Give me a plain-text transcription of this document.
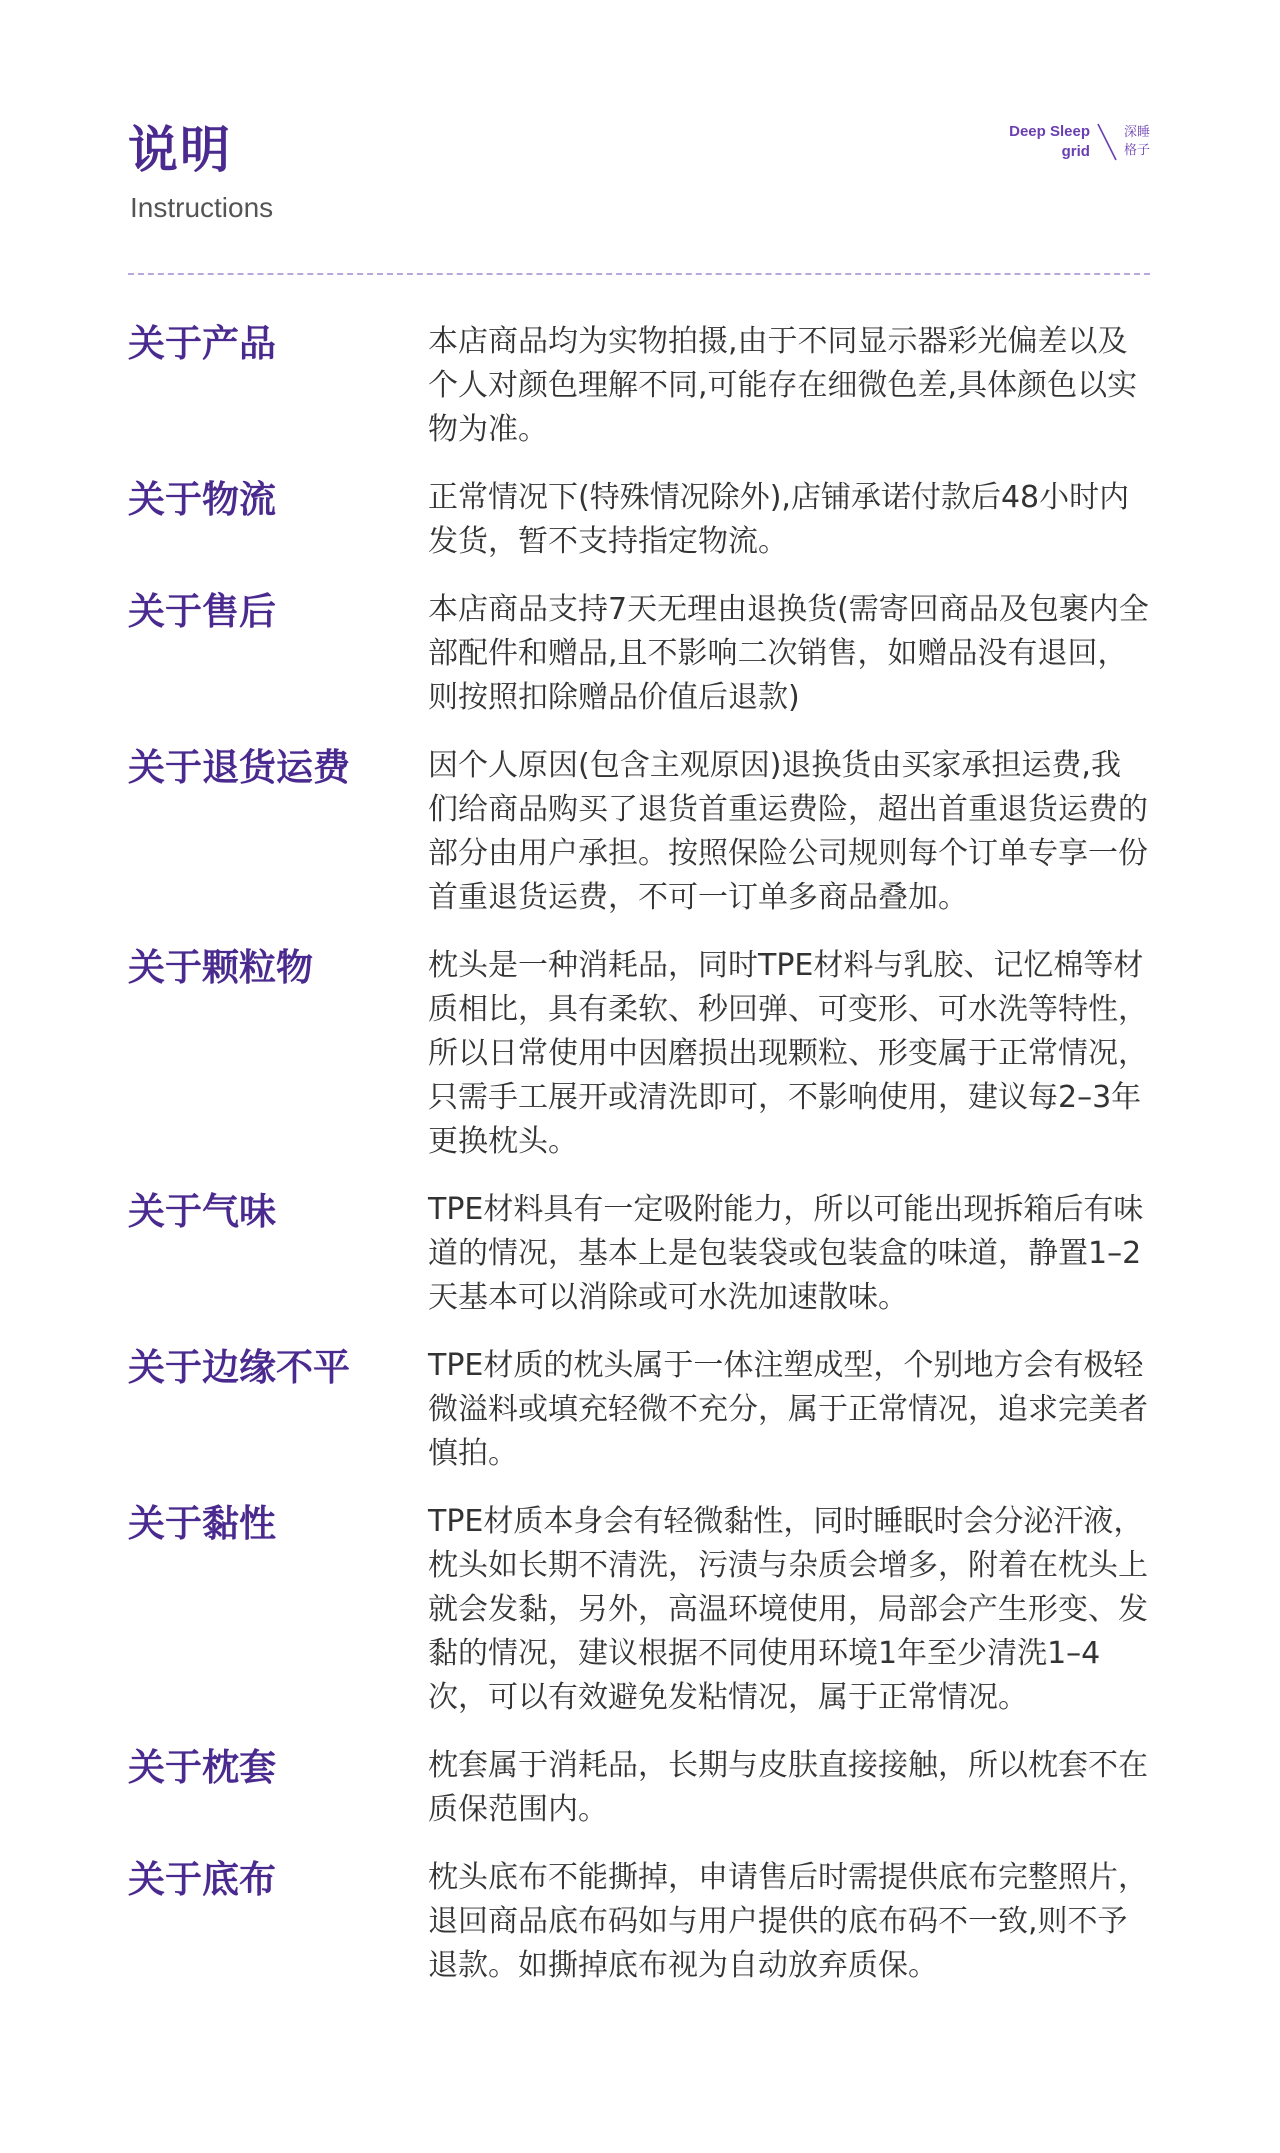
说明
Instructions
Deep Sleep
grid
深睡
格子
关于产品	本店商品均为实物拍摄,由于不同显示器彩光偏差以及个人对颜色理解不同,可能存在细微色差,具体颜色以实物为准。
关于物流	正常情况下(特殊情况除外),店铺承诺付款后48小时内发货，暂不支持指定物流。
关于售后	本店商品支持7天无理由退换货(需寄回商品及包裹内全部配件和赠品,且不影响二次销售，如赠品没有退回，则按照扣除赠品价值后退款)
关于退货运费	因个人原因(包含主观原因)退换货由买家承担运费,我们给商品购买了退货首重运费险，超出首重退货运费的部分由用户承担。按照保险公司规则每个订单专享一份首重退货运费，不可一订单多商品叠加。
关于颗粒物	枕头是一种消耗品，同时TPE材料与乳胶、记忆棉等材质相比，具有柔软、秒回弹、可变形、可水洗等特性，所以日常使用中因磨损出现颗粒、形变属于正常情况，只需手工展开或清洗即可，不影响使用，建议每2–3年更换枕头。
关于气味	TPE材料具有一定吸附能力，所以可能出现拆箱后有味道的情况，基本上是包装袋或包装盒的味道，静置1–2天基本可以消除或可水洗加速散味。
关于边缘不平	TPE材质的枕头属于一体注塑成型，个别地方会有极轻微溢料或填充轻微不充分，属于正常情况，追求完美者慎拍。
关于黏性	TPE材质本身会有轻微黏性，同时睡眠时会分泌汗液，枕头如长期不清洗，污渍与杂质会增多，附着在枕头上就会发黏，另外，高温环境使用，局部会产生形变、发黏的情况，建议根据不同使用环境1年至少清洗1–4次，可以有效避免发粘情况，属于正常情况。
关于枕套	枕套属于消耗品，长期与皮肤直接接触，所以枕套不在质保范围内。
关于底布	枕头底布不能撕掉，申请售后时需提供底布完整照片，退回商品底布码如与用户提供的底布码不一致,则不予退款。如撕掉底布视为自动放弃质保。
